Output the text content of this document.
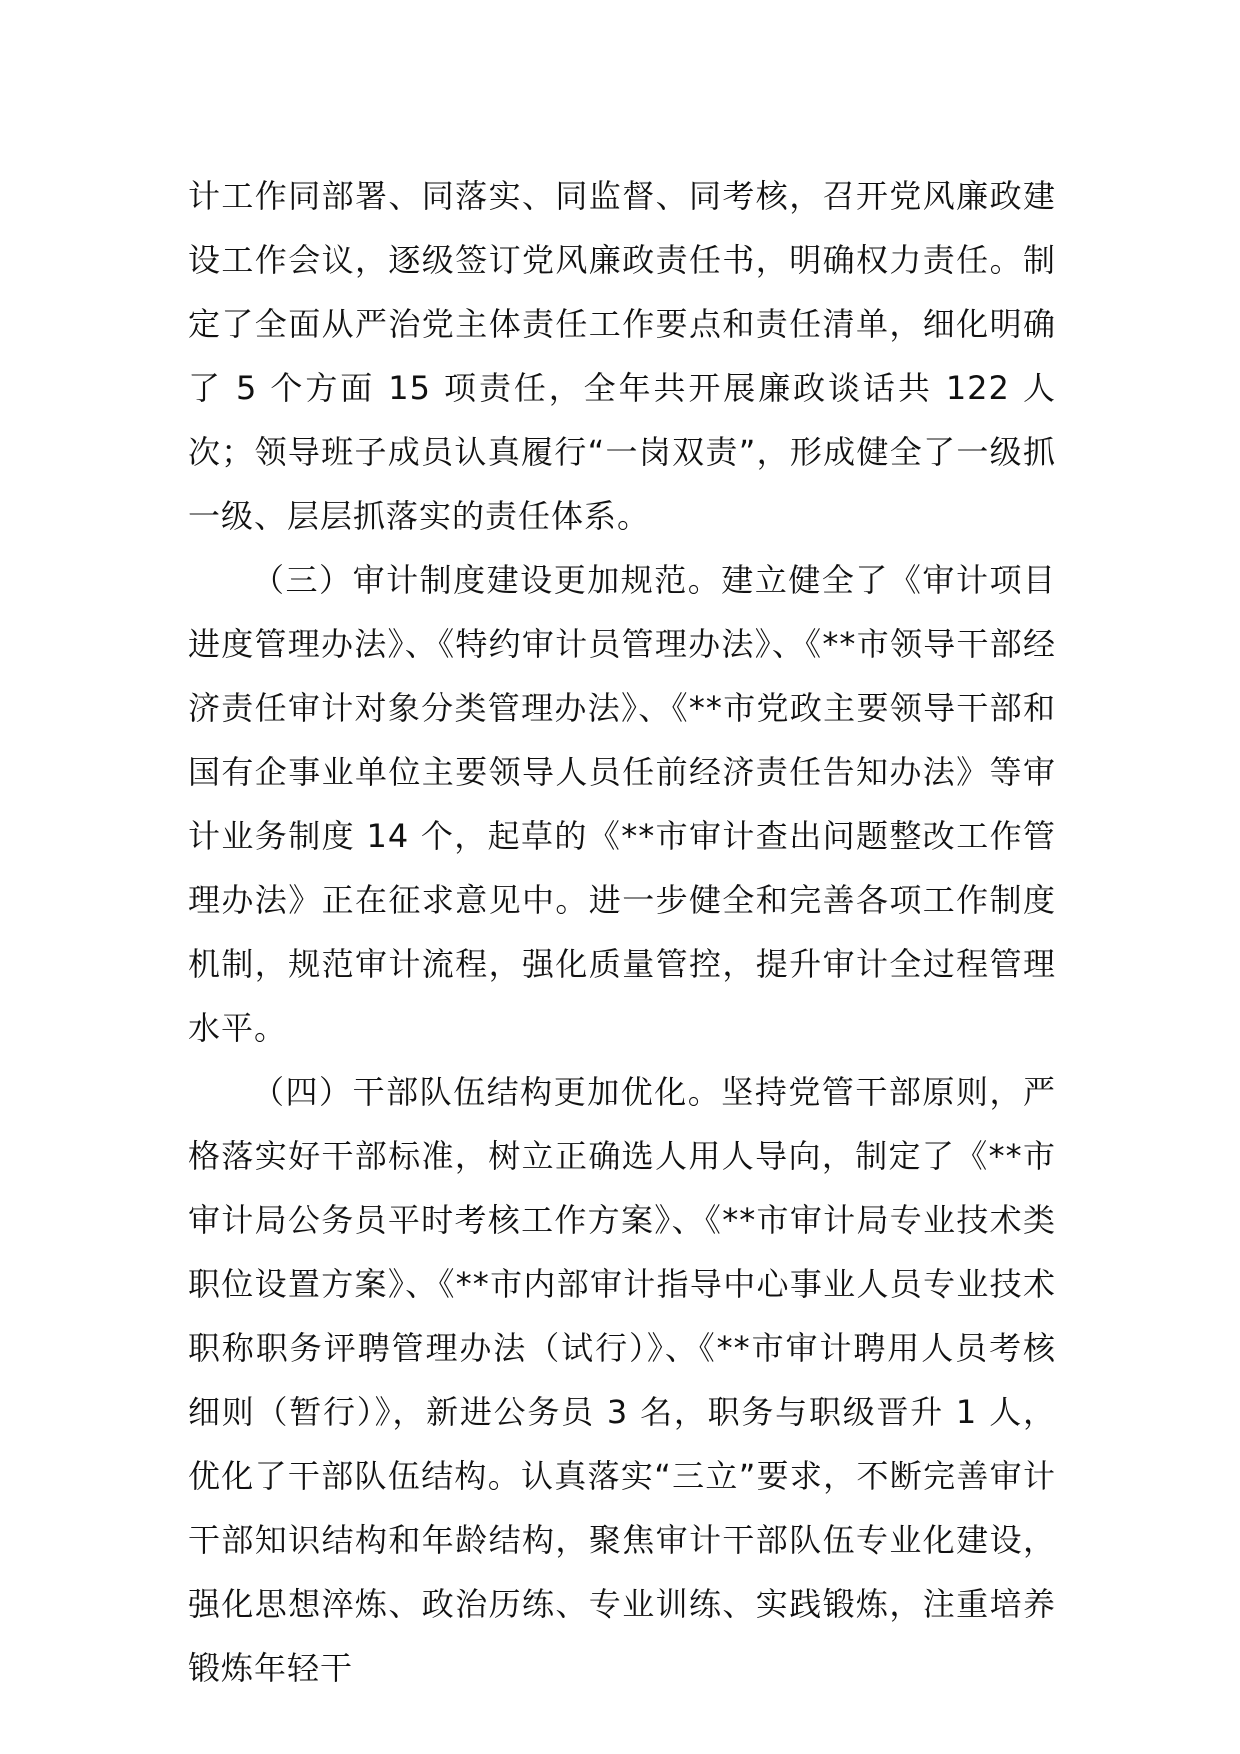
计工作同部署、同落实、同监督、同考核，召开党风廉政建设工作会议，逐级签订党风廉政责任书，明确权力责任。制定了全面从严治党主体责任工作要点和责任清单，细化明确了 5 个方面 15 项责任，全年共开展廉政谈话共 122 人次；领导班子成员认真履行“一岗双责”，形成健全了一级抓一级、层层抓落实的责任体系。

（三）审计制度建设更加规范。建立健全了《审计项目进度管理办法》、《特约审计员管理办法》、《**市领导干部经济责任审计对象分类管理办法》、《**市党政主要领导干部和国有企事业单位主要领导人员任前经济责任告知办法》等审计业务制度 14 个，起草的《**市审计查出问题整改工作管理办法》正在征求意见中。进一步健全和完善各项工作制度机制，规范审计流程，强化质量管控，提升审计全过程管理水平。

（四）干部队伍结构更加优化。坚持党管干部原则，严格落实好干部标准，树立正确选人用人导向，制定了《**市审计局公务员平时考核工作方案》、《**市审计局专业技术类职位设置方案》、《**市内部审计指导中心事业人员专业技术职称职务评聘管理办法（试行）》、《**市审计聘用人员考核细则（暂行）》，新进公务员 3 名，职务与职级晋升 1 人，优化了干部队伍结构。认真落实“三立”要求，不断完善审计干部知识结构和年龄结构，聚焦审计干部队伍专业化建设，强化思想淬炼、政治历练、专业训练、实践锻炼，注重培养锻炼年轻干
